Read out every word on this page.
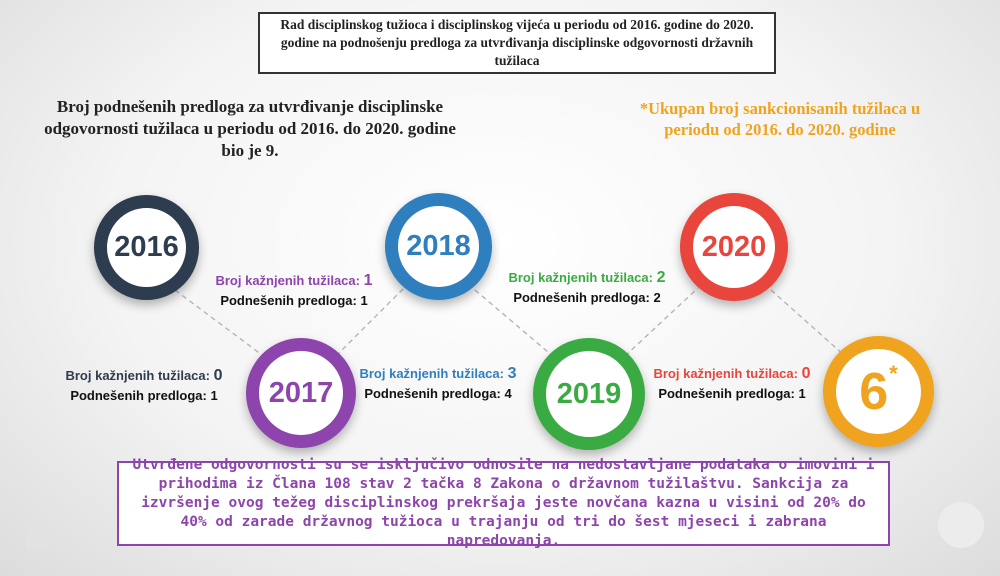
Rad disciplinskog tužioca i disciplinskog vijeća u periodu od 2016. godine do 2020. godine na podnošenju predloga za utvrđivanja disciplinske odgovornosti državnih tužilaca
Broj podnešenih predloga za utvrđivanje disciplinske odgovornosti tužilaca u periodu od 2016. do 2020. godine bio je 9.
*Ukupan broj sankcionisanih tužilaca u periodu od 2016. do 2020. godine
2016	2018	2020
2017	2019	6*
Broj kažnjenih tužilaca: 1
Podnešenih predloga: 1
Broj kažnjenih tužilaca: 2
Podnešenih predloga: 2
Broj kažnjenih tužilaca: 0
Podnešenih predloga: 1
Broj kažnjenih tužilaca: 3
Podnešenih predloga: 4
Broj kažnjenih tužilaca: 0
Podnešenih predloga: 1
Utvrđene odgovornosti su se isključivo odnosile na nedostavljane podataka o imovini i prihodima iz Člana 108 stav 2 tačka 8 Zakona o državnom tužilaštvu. Sankcija za izvršenje ovog težeg disciplinskog prekršaja jeste novčana kazna u visini od 20% do 40% od zarade državnog tužioca u trajanju od tri do šest mjeseci i zabrana napredovanja.
